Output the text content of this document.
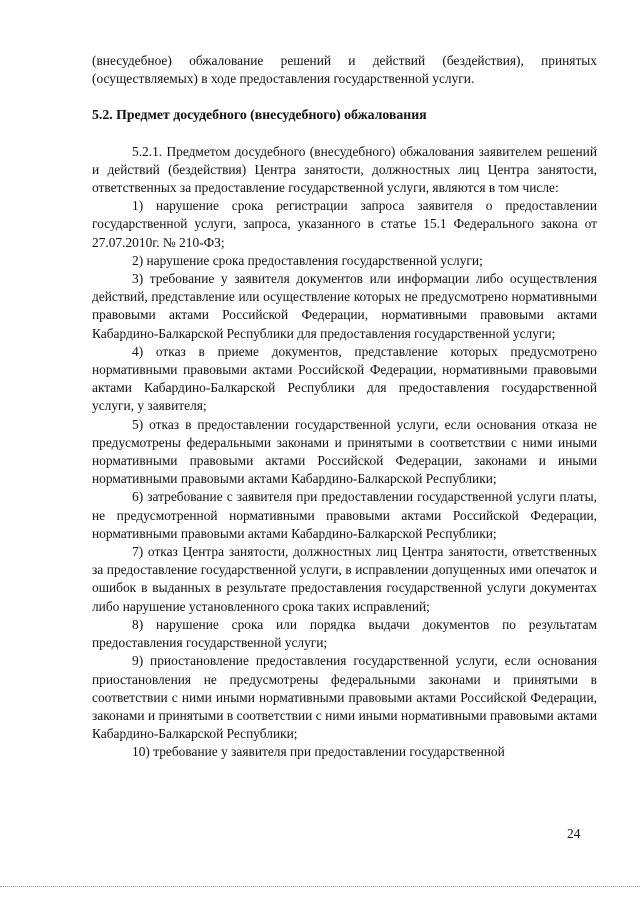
(внесудебное) обжалование решений и действий (бездействия), принятых (осуществляемых) в ходе предоставления государственной услуги.

5.2. Предмет досудебного (внесудебного) обжалования

5.2.1. Предметом досудебного (внесудебного) обжалования заявителем решений и действий (бездействия) Центра занятости, должностных лиц Центра занятости, ответственных за предоставление государственной услуги, являются в том числе:

1) нарушение срока регистрации запроса заявителя о предоставлении государственной услуги, запроса, указанного в статье 15.1 Федерального закона от 27.07.2010г. № 210-ФЗ;

2) нарушение срока предоставления государственной услуги;

3) требование у заявителя документов или информации либо осуществления действий, представление или осуществление которых не предусмотрено нормативными правовыми актами Российской Федерации, нормативными правовыми актами Кабардино-Балкарской Республики для предоставления государственной услуги;

4) отказ в приеме документов, представление которых предусмотрено нормативными правовыми актами Российской Федерации, нормативными правовыми актами Кабардино-Балкарской Республики для предоставления государственной услуги, у заявителя;

5) отказ в предоставлении государственной услуги, если основания отказа не предусмотрены федеральными законами и принятыми в соответствии с ними иными нормативными правовыми актами Российской Федерации, законами и иными нормативными правовыми актами Кабардино-Балкарской Республики;

6) затребование с заявителя при предоставлении государственной услуги платы, не предусмотренной нормативными правовыми актами Российской Федерации, нормативными правовыми актами Кабардино-Балкарской Республики;

7) отказ Центра занятости, должностных лиц Центра занятости, ответственных за предоставление государственной услуги, в исправлении допущенных ими опечаток и ошибок в выданных в результате предоставления государственной услуги документах либо нарушение установленного срока таких исправлений;

8) нарушение срока или порядка выдачи документов по результатам предоставления государственной услуги;

9) приостановление предоставления государственной услуги, если основания приостановления не предусмотрены федеральными законами и принятыми в соответствии с ними иными нормативными правовыми актами Российской Федерации, законами и принятыми в соответствии с ними иными нормативными правовыми актами Кабардино-Балкарской Республики;

10) требование у заявителя при предоставлении государственной

24
